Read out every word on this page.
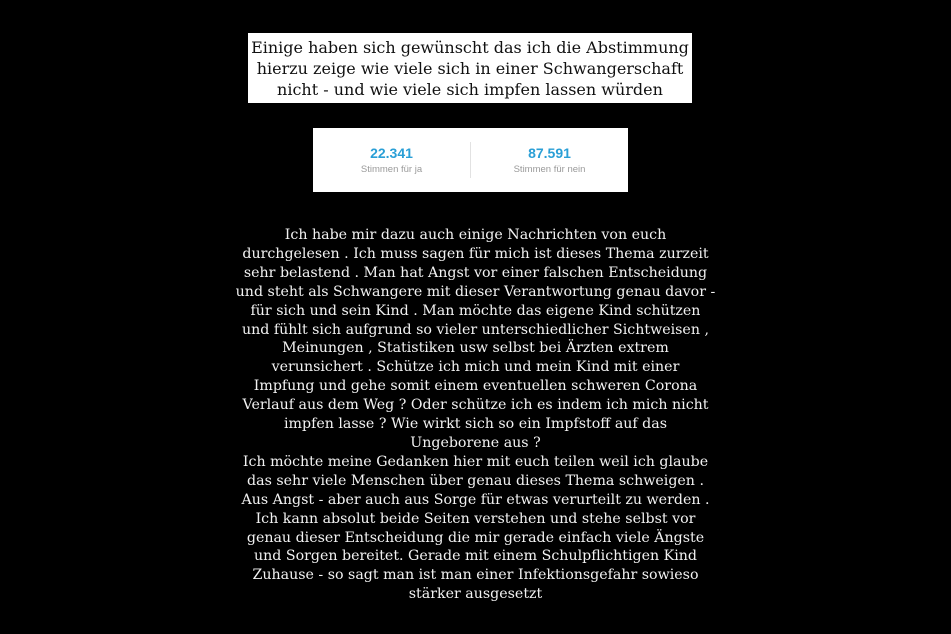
Einige haben sich gewünscht das ich die Abstimmung
hierzu zeige wie viele sich in einer Schwangerschaft
nicht - und wie viele sich impfen lassen würden
22.341
Stimmen für ja
87.591
Stimmen für nein
Ich habe mir dazu auch einige Nachrichten von euch
durchgelesen . Ich muss sagen für mich ist dieses Thema zurzeit
sehr belastend . Man hat Angst vor einer falschen Entscheidung
und steht als Schwangere mit dieser Verantwortung genau davor -
für sich und sein Kind . Man möchte das eigene Kind schützen
und fühlt sich aufgrund so vieler unterschiedlicher Sichtweisen ,
Meinungen , Statistiken usw selbst bei Ärzten extrem
verunsichert . Schütze ich mich und mein Kind mit einer
Impfung und gehe somit einem eventuellen schweren Corona
Verlauf aus dem Weg ? Oder schütze ich es indem ich mich nicht
impfen lasse ? Wie wirkt sich so ein Impfstoff auf das
Ungeborene aus ?
Ich möchte meine Gedanken hier mit euch teilen weil ich glaube
das sehr viele Menschen über genau dieses Thema schweigen .
Aus Angst - aber auch aus Sorge für etwas verurteilt zu werden .
Ich kann absolut beide Seiten verstehen und stehe selbst vor
genau dieser Entscheidung die mir gerade einfach viele Ängste
und Sorgen bereitet. Gerade mit einem Schulpflichtigen Kind
Zuhause - so sagt man ist man einer Infektionsgefahr sowieso
stärker ausgesetzt
